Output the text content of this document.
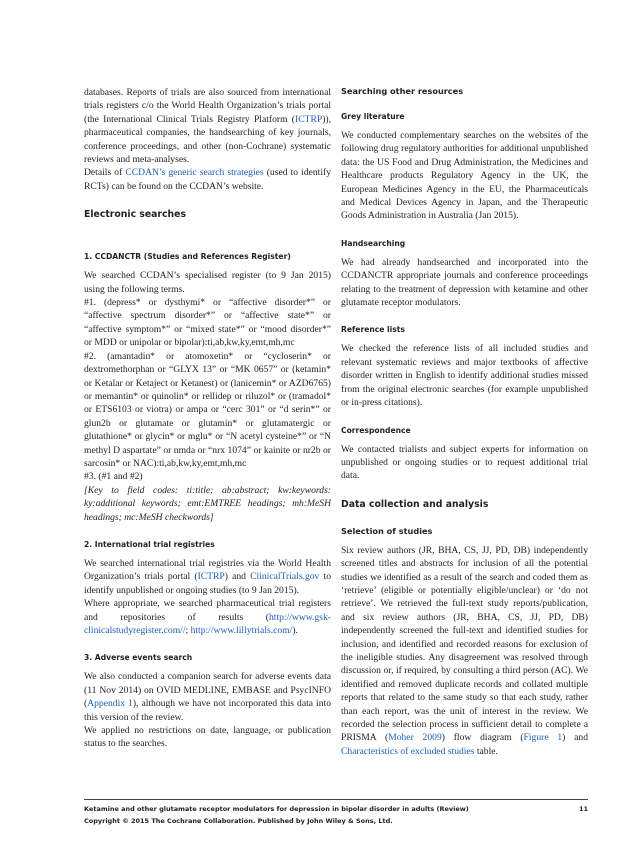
databases. Reports of trials are also sourced from international trials registers c/o the World Health Organization’s trials portal (the International Clinical Trials Registry Platform (ICTRP)), pharmaceutical companies, the handsearching of key journals, conference proceedings, and other (non-Cochrane) systematic reviews and meta-analyses.

Details of CCDAN’s generic search strategies (used to identify RCTs) can be found on the CCDAN’s website.

Electronic searches

1. CCDANCTR (Studies and References Register)

We searched CCDAN’s specialised register (to 9 Jan 2015) using the following terms.

#1. (depress* or dysthymi* or “affective disorder*” or “affective spectrum disorder*” or “affective state*” or “affective symptom*” or “mixed state*” or “mood disorder*” or MDD or unipolar or bipolar):ti,ab,kw,ky,emt,mh,mc

#2. (amantadin* or atomoxetin* or “cycloserin* or dextromethorphan or “GLYX 13” or “MK 0657” or (ketamin* or Ketalar or Ketaject or Ketanest) or (lanicemin* or AZD6765) or memantin* or quinolin* or rellidep or riluzol* or (tramadol* or ETS6103 or viotra) or ampa or “cerc 301” or “d serin*” or glun2b or glutamate or glutamin* or glutamatergic or glutathione* or glycin* or mglu* or “N acetyl cysteine*” or “N methyl D aspartate” or nmda or “nrx 1074” or kainite or nr2b or sarcosin* or NAC):ti,ab,kw,ky,emt,mh,mc

#3. (#1 and #2)

[Key to field codes: ti:title; ab:abstract; kw:keywords: ky:additional keywords; emt:EMTREE headings; mh:MeSH headings; mc:MeSH checkwords]

2. International trial registries

We searched international trial registries via the World Health Organization’s trials portal (ICTRP) and ClinicalTrials.gov to identify unpublished or ongoing studies (to 9 Jan 2015).

Where appropriate, we searched pharmaceutical trial registers and repositories of results (http://www.gsk-clinicalstudyregister.com//; http://www.lillytrials.com/).

3. Adverse events search

We also conducted a companion search for adverse events data (11 Nov 2014) on OVID MEDLINE, EMBASE and PsycINFO (Appendix 1), although we have not incorporated this data into this version of the review.

We applied no restrictions on date, language, or publication status to the searches.

Searching other resources

Grey literature

We conducted complementary searches on the websites of the following drug regulatory authorities for additional unpublished data: the US Food and Drug Administration, the Medicines and Healthcare products Regulatory Agency in the UK, the European Medicines Agency in the EU, the Pharmaceuticals and Medical Devices Agency in Japan, and the Therapeutic Goods Administration in Australia (Jan 2015).

Handsearching

We had already handsearched and incorporated into the CCDANCTR appropriate journals and conference proceedings relating to the treatment of depression with ketamine and other glutamate receptor modulators.

Reference lists

We checked the reference lists of all included studies and relevant systematic reviews and major textbooks of affective disorder written in English to identify additional studies missed from the original electronic searches (for example unpublished or in-press citations).

Correspondence

We contacted trialists and subject experts for information on unpublished or ongoing studies or to request additional trial data.

Data collection and analysis

Selection of studies

Six review authors (JR, BHA, CS, JJ, PD, DB) independently screened titles and abstracts for inclusion of all the potential studies we identified as a result of the search and coded them as ‘retrieve’ (eligible or potentially eligible/unclear) or ‘do not retrieve’. We retrieved the full-text study reports/publication, and six review authors (JR, BHA, CS, JJ, PD, DB) independently screened the full-text and identified studies for inclusion, and identified and recorded reasons for exclusion of the ineligible studies. Any disagreement was resolved through discussion or, if required, by consulting a third person (AC). We identified and removed duplicate records and collated multiple reports that related to the same study so that each study, rather than each report, was the unit of interest in the review. We recorded the selection process in sufficient detail to complete a PRISMA (Moher 2009) flow diagram (Figure 1) and Characteristics of excluded studies table.

Ketamine and other glutamate receptor modulators for depression in bipolar disorder in adults (Review)	11
Copyright © 2015 The Cochrane Collaboration. Published by John Wiley & Sons, Ltd.
